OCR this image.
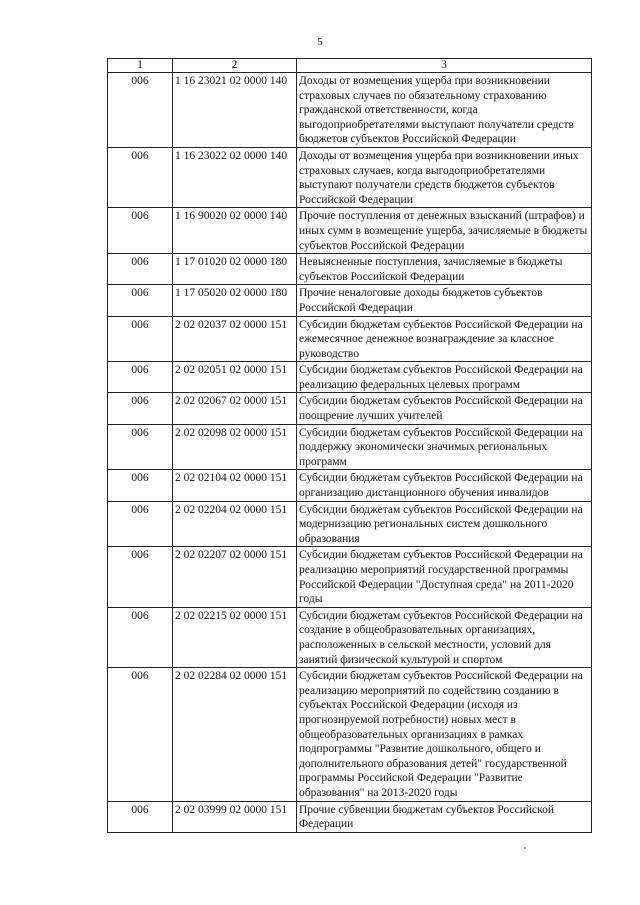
5
1	2	3
006	1 16 23021 02 0000 140	Доходы от возмещения ущерба при возникновении страховых случаев по обязательному страхованию гражданской ответственности, когда выгодоприобретателями выступают получатели средств бюджетов субъектов Российской Федерации
006	1 16 23022 02 0000 140	Доходы от возмещения ущерба при возникновении иных страховых случаев, когда выгодоприобретателями выступают получатели средств бюджетов субъектов Российской Федерации
006	1 16 90020 02 0000 140	Прочие поступления от денежных взысканий (штрафов) и иных сумм в возмещение ущерба, зачисляемые в бюджеты субъектов Российской Федерации
006	1 17 01020 02 0000 180	Невыясненные поступления, зачисляемые в бюджеты субъектов Российской Федерации
006	1 17 05020 02 0000 180	Прочие неналоговые доходы бюджетов субъектов Российской Федерации
006	2 02 02037 02 0000 151	Субсидии бюджетам субъектов Российской Федерации на ежемесячное денежное вознаграждение за классное руководство
006	2 02 02051 02 0000 151	Субсидии бюджетам субъектов Российской Федерации на реализацию федеральных целевых программ
006	2 02 02067 02 0000 151	Субсидии бюджетам субъектов Российской Федерации на поощрение лучших учителей
006	2 02 02098 02 0000 151	Субсидии бюджетам субъектов Российской Федерации на поддержку экономически значимых региональных программ
006	2 02 02104 02 0000 151	Субсидии бюджетам субъектов Российской Федерации на организацию дистанционного обучения инвалидов
006	2 02 02204 02 0000 151	Субсидии бюджетам субъектов Российской Федерации на модернизацию региональных систем дошкольного образования
006	2 02 02207 02 0000 151	Субсидии бюджетам субъектов Российской Федерации на реализацию мероприятий государственной программы Российской Федерации "Доступная среда" на 2011-2020 годы
006	2 02 02215 02 0000 151	Субсидии бюджетам субъектов Российской Федерации на создание в общеобразовательных организациях, расположенных в сельской местности, условий для занятий физической культурой и спортом
006	2 02 02284 02 0000 151	Субсидии бюджетам субъектов Российской Федерации на реализацию мероприятий по содействию созданию в субъектах Российской Федерации (исходя из прогнозируемой потребности) новых мест в общеобразовательных организациях в рамках подпрограммы "Развитие дошкольного, общего и дополнительного образования детей" государственной программы Российской Федерации "Развитие образования" на 2013-2020 годы
006	2 02 03999 02 0000 151	Прочие субвенции бюджетам субъектов Российской Федерации
